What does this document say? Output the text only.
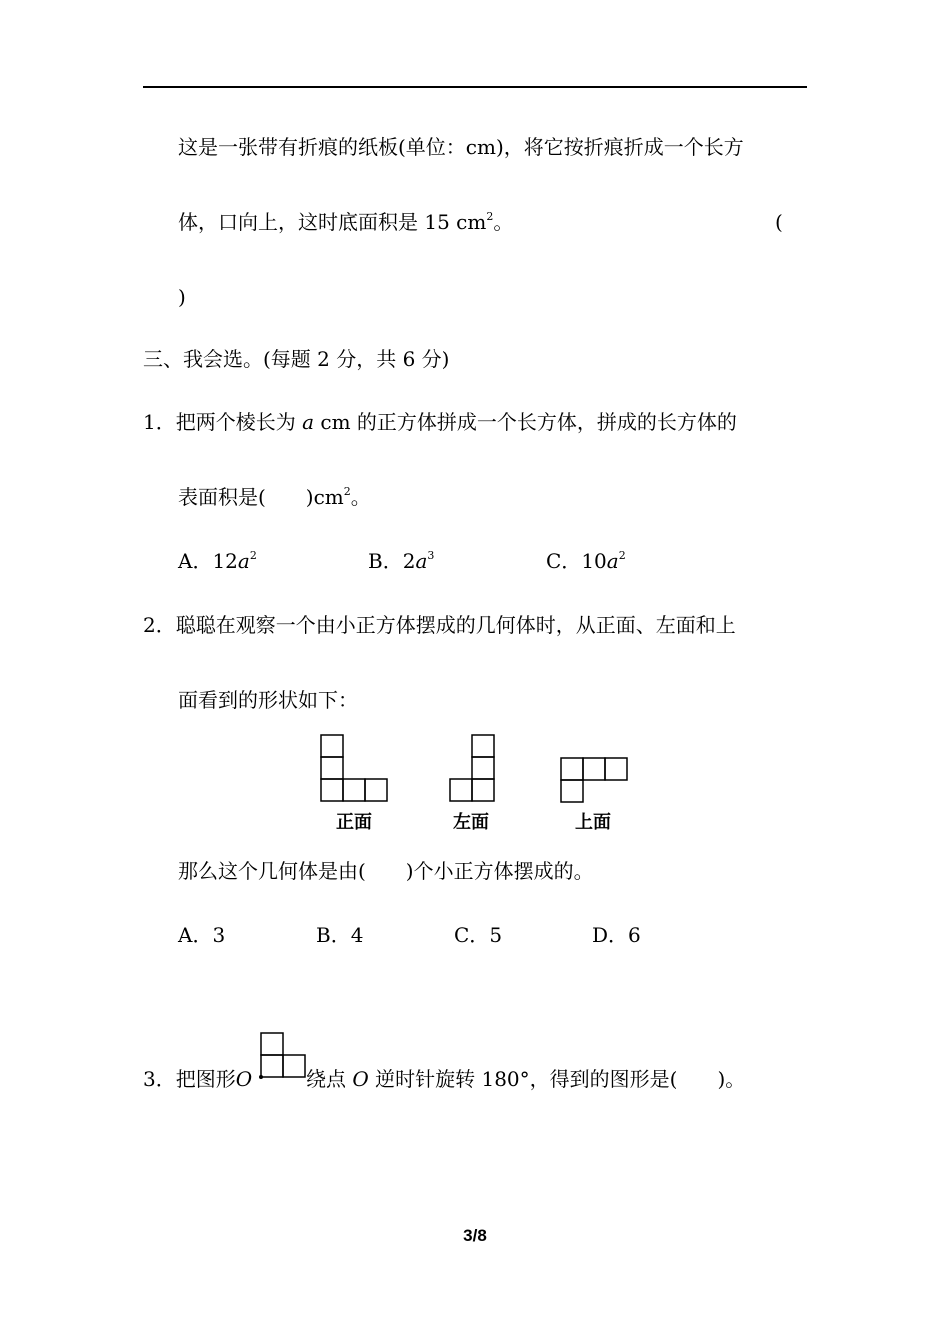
这是一张带有折痕的纸板(单位：cm)，将它按折痕折成一个长方
体，口向上，这时底面积是 15 $cm^2$。	(
)
三、我会选。(每题 2 分，共 6 分)
1．把两个棱长为 a cm 的正方体拼成一个长方体，拼成的长方体的
表面积是(　　)$cm^2$。
A．$12a^2$	B．$2a^3$	C．$10a^2$
2．聪聪在观察一个由小正方体摆成的几何体时，从正面、左面和上
面看到的形状如下：
正面	左面	上面
那么这个几何体是由(　　)个小正方体摆成的。
A．3	B．4	C．5	D．6
3．把图形O	绕点 O 逆时针旋转 180°，得到的图形是(　　)。
3/8
